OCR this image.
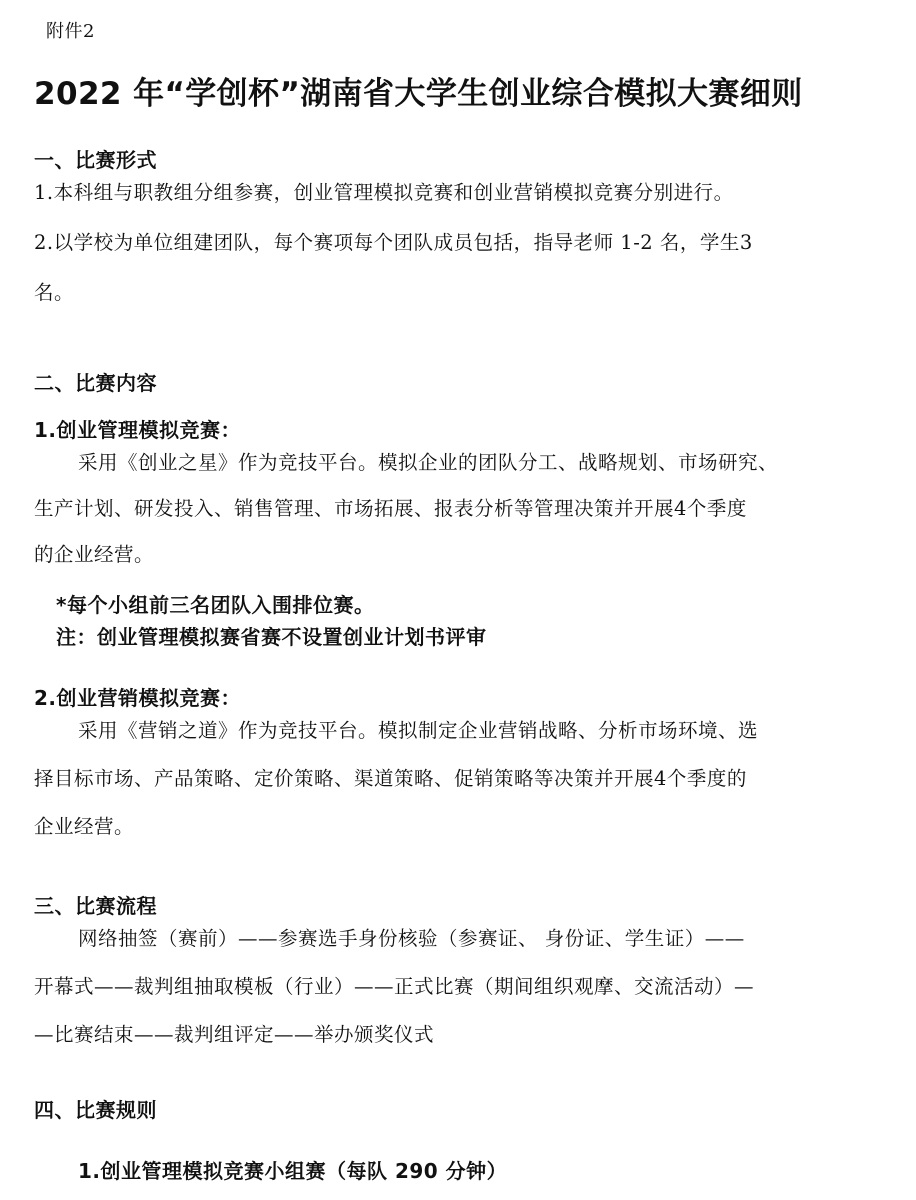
附件2
2022 年“学创杯”湖南省大学生创业综合模拟大赛细则
一、比赛形式
1.本科组与职教组分组参赛，创业管理模拟竞赛和创业营销模拟竞赛分别进行。
2.以学校为单位组建团队，每个赛项每个团队成员包括，指导老师 1-2 名，学生3
名。
二、比赛内容
1.创业管理模拟竞赛：
采用《创业之星》作为竞技平台。模拟企业的团队分工、战略规划、市场研究、
生产计划、研发投入、销售管理、市场拓展、报表分析等管理决策并开展4个季度
的企业经营。
*每个小组前三名团队入围排位赛。
注：创业管理模拟赛省赛不设置创业计划书评审
2.创业营销模拟竞赛：
采用《营销之道》作为竞技平台。模拟制定企业营销战略、分析市场环境、选
择目标市场、产品策略、定价策略、渠道策略、促销策略等决策并开展4个季度的
企业经营。
三、比赛流程
网络抽签（赛前）——参赛选手身份核验（参赛证、 身份证、学生证）——
开幕式——裁判组抽取模板（行业）——正式比赛（期间组织观摩、交流活动）—
—比赛结束——裁判组评定——举办颁奖仪式
四、比赛规则
1.创业管理模拟竞赛小组赛（每队 290 分钟）
